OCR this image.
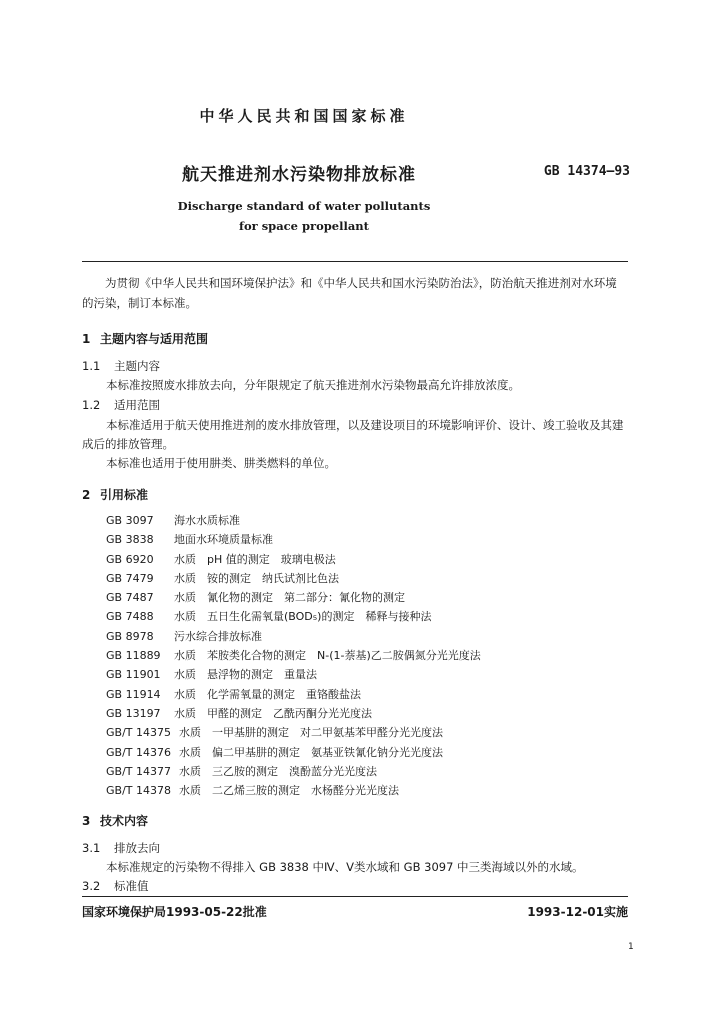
中华人民共和国国家标准
航天推进剂水污染物排放标准	GB 14374—93
Discharge standard of water pollutants
for space propellant
为贯彻《中华人民共和国环境保护法》和《中华人民共和国水污染防治法》，防治航天推进剂对水环境的污染，制订本标准。
1 主题内容与适用范围
1.1 主题内容
本标准按照废水排放去向，分年限规定了航天推进剂水污染物最高允许排放浓度。
1.2 适用范围
本标准适用于航天使用推进剂的废水排放管理，以及建设项目的环境影响评价、设计、竣工验收及其建成后的排放管理。
本标准也适用于使用肼类、肼类燃料的单位。
2 引用标准
GB 3097 海水水质标准
GB 3838 地面水环境质量标准
GB 6920 水质　pH 值的测定　玻璃电极法
GB 7479 水质　铵的测定　纳氏试剂比色法
GB 7487 水质　氰化物的测定　第二部分：氰化物的测定
GB 7488 水质　五日生化需氧量(BOD₅)的测定　稀释与接种法
GB 8978 污水综合排放标准
GB 11889 水质　苯胺类化合物的测定　N-(1-萘基)乙二胺偶氮分光光度法
GB 11901 水质　悬浮物的测定　重量法
GB 11914 水质　化学需氧量的测定　重铬酸盐法
GB 13197 水质　甲醛的测定　乙酰丙酮分光光度法
GB/T 14375 水质　一甲基肼的测定　对二甲氨基苯甲醛分光光度法
GB/T 14376 水质　偏二甲基肼的测定　氨基亚铁氰化钠分光光度法
GB/T 14377 水质　三乙胺的测定　溴酚蓝分光光度法
GB/T 14378 水质　二乙烯三胺的测定　水杨醛分光光度法
3 技术内容
3.1 排放去向
本标准规定的污染物不得排入 GB 3838 中Ⅳ、Ⅴ类水域和 GB 3097 中三类海域以外的水域。
3.2 标准值
国家环境保护局1993-05-22批准	1993-12-01实施
1
